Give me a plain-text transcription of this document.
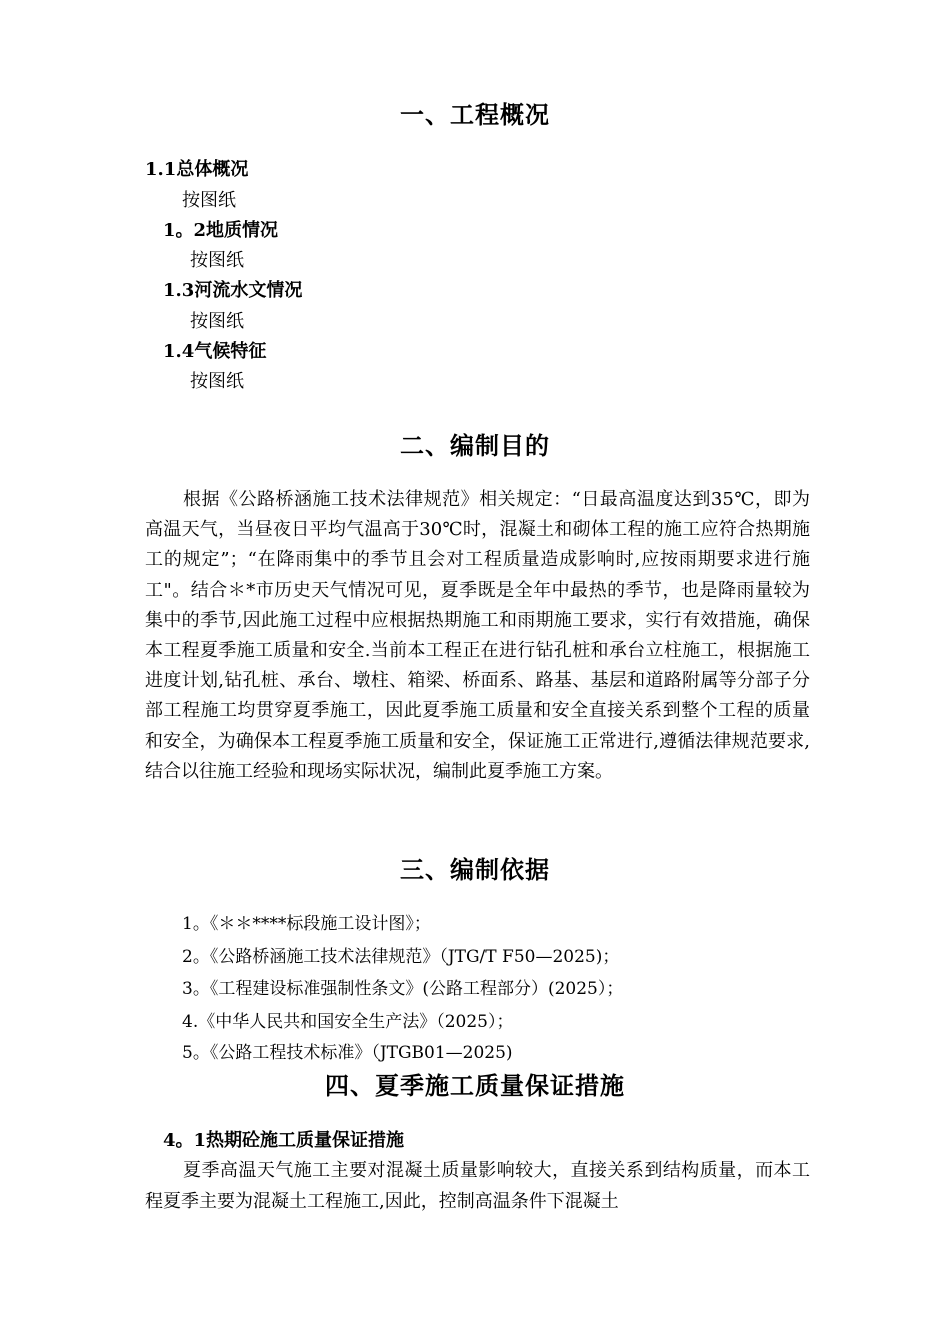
一、工程概况
1.1总体概况
按图纸
1。2地质情况
按图纸
1.3河流水文情况
按图纸
1.4气候特征
按图纸
二、编制目的
根据《公路桥涵施工技术法律规范》相关规定：“日最高温度达到35℃，即为高温天气，当昼夜日平均气温高于30℃时，混凝土和砌体工程的施工应符合热期施工的规定”；“在降雨集中的季节且会对工程质量造成影响时,应按雨期要求进行施工"。结合＊*市历史天气情况可见，夏季既是全年中最热的季节，也是降雨量较为集中的季节,因此施工过程中应根据热期施工和雨期施工要求，实行有效措施，确保本工程夏季施工质量和安全.当前本工程正在进行钻孔桩和承台立柱施工，根据施工进度计划,钻孔桩、承台、墩柱、箱梁、桥面系、路基、基层和道路附属等分部子分部工程施工均贯穿夏季施工，因此夏季施工质量和安全直接关系到整个工程的质量和安全，为确保本工程夏季施工质量和安全，保证施工正常进行,遵循法律规范要求,结合以往施工经验和现场实际状况，编制此夏季施工方案。
三、编制依据
1。《＊＊****标段施工设计图》；
2。《公路桥涵施工技术法律规范》（JTG/T F50—2025)；
3。《工程建设标准强制性条文》(公路工程部分）(2025）；
4.《中华人民共和国安全生产法》（2025）；
5。《公路工程技术标准》（JTGB01—2025)
四、夏季施工质量保证措施
4。1热期砼施工质量保证措施
夏季高温天气施工主要对混凝土质量影响较大，直接关系到结构质量，而本工程夏季主要为混凝土工程施工,因此，控制高温条件下混凝土
